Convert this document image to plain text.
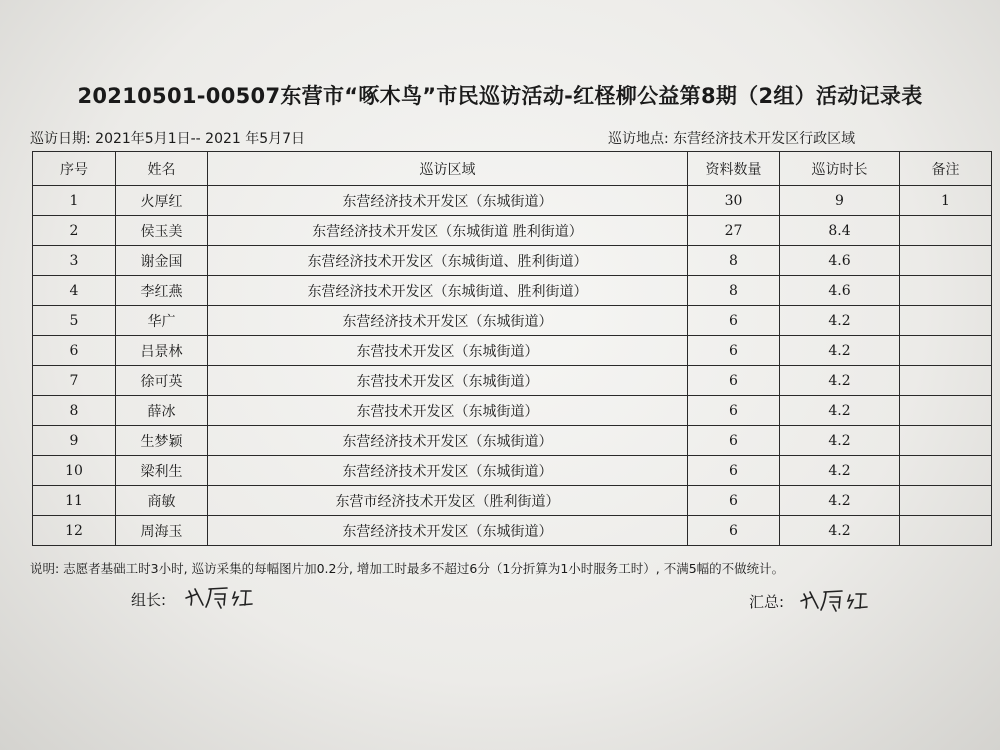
20210501-00507东营市“啄木鸟”市民巡访活动-红柽柳公益第8期（2组）活动记录表
巡访日期: 2021年5月1日-- 2021 年5月7日	巡访地点: 东营经济技术开发区行政区域
序号	姓名	巡访区域	资料数量	巡访时长	备注
1	火厚红	东营经济技术开发区（东城街道）	30	9	1
2	侯玉美	东营经济技术开发区（东城街道 胜利街道）	27	8.4	
3	谢金国	东营经济技术开发区（东城街道、胜利街道）	8	4.6	
4	李红燕	东营经济技术开发区（东城街道、胜利街道）	8	4.6	
5	华广	东营经济技术开发区（东城街道）	6	4.2	
6	吕景林	东营技术开发区（东城街道）	6	4.2	
7	徐可英	东营技术开发区（东城街道）	6	4.2	
8	薛冰	东营技术开发区（东城街道）	6	4.2	
9	生梦颖	东营经济技术开发区（东城街道）	6	4.2	
10	梁利生	东营经济技术开发区（东城街道）	6	4.2	
11	商敏	东营市经济技术开发区（胜利街道）	6	4.2	
12	周海玉	东营经济技术开发区（东城街道）	6	4.2	
说明: 志愿者基础工时3小时, 巡访采集的每幅图片加0.2分, 增加工时最多不超过6分（1分折算为1小时服务工时）, 不满5幅的不做统计。
组长:	汇总:
